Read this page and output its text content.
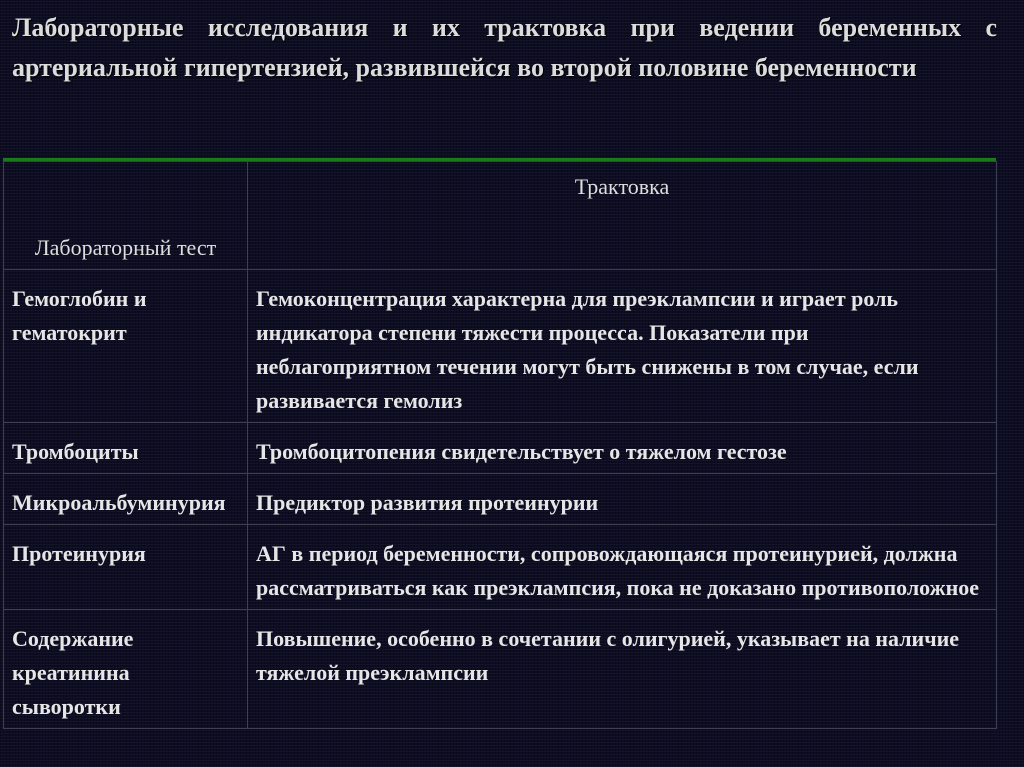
Лабораторные исследования и их трактовка при ведении беременных с артериальной гипертензией, развившейся во второй половине беременности
Лабораторный тест	Трактовка
Гемоглобин и гематокрит	Гемоконцентрация характерна для преэклампсии и играет роль индикатора степени тяжести процесса. Показатели при неблагоприятном течении могут быть снижены в том случае, если развивается гемолиз
Тромбоциты	Тромбоцитопения свидетельствует о тяжелом гестозе
Микроальбуминурия	Предиктор развития протеинурии
Протеинурия	АГ в период беременности, сопровождающаяся протеинурией, должна рассматриваться как преэклампсия, пока не доказано противоположное
Содержание креатинина сыворотки	Повышение, особенно в сочетании с олигурией, указывает на наличие тяжелой преэклампсии
